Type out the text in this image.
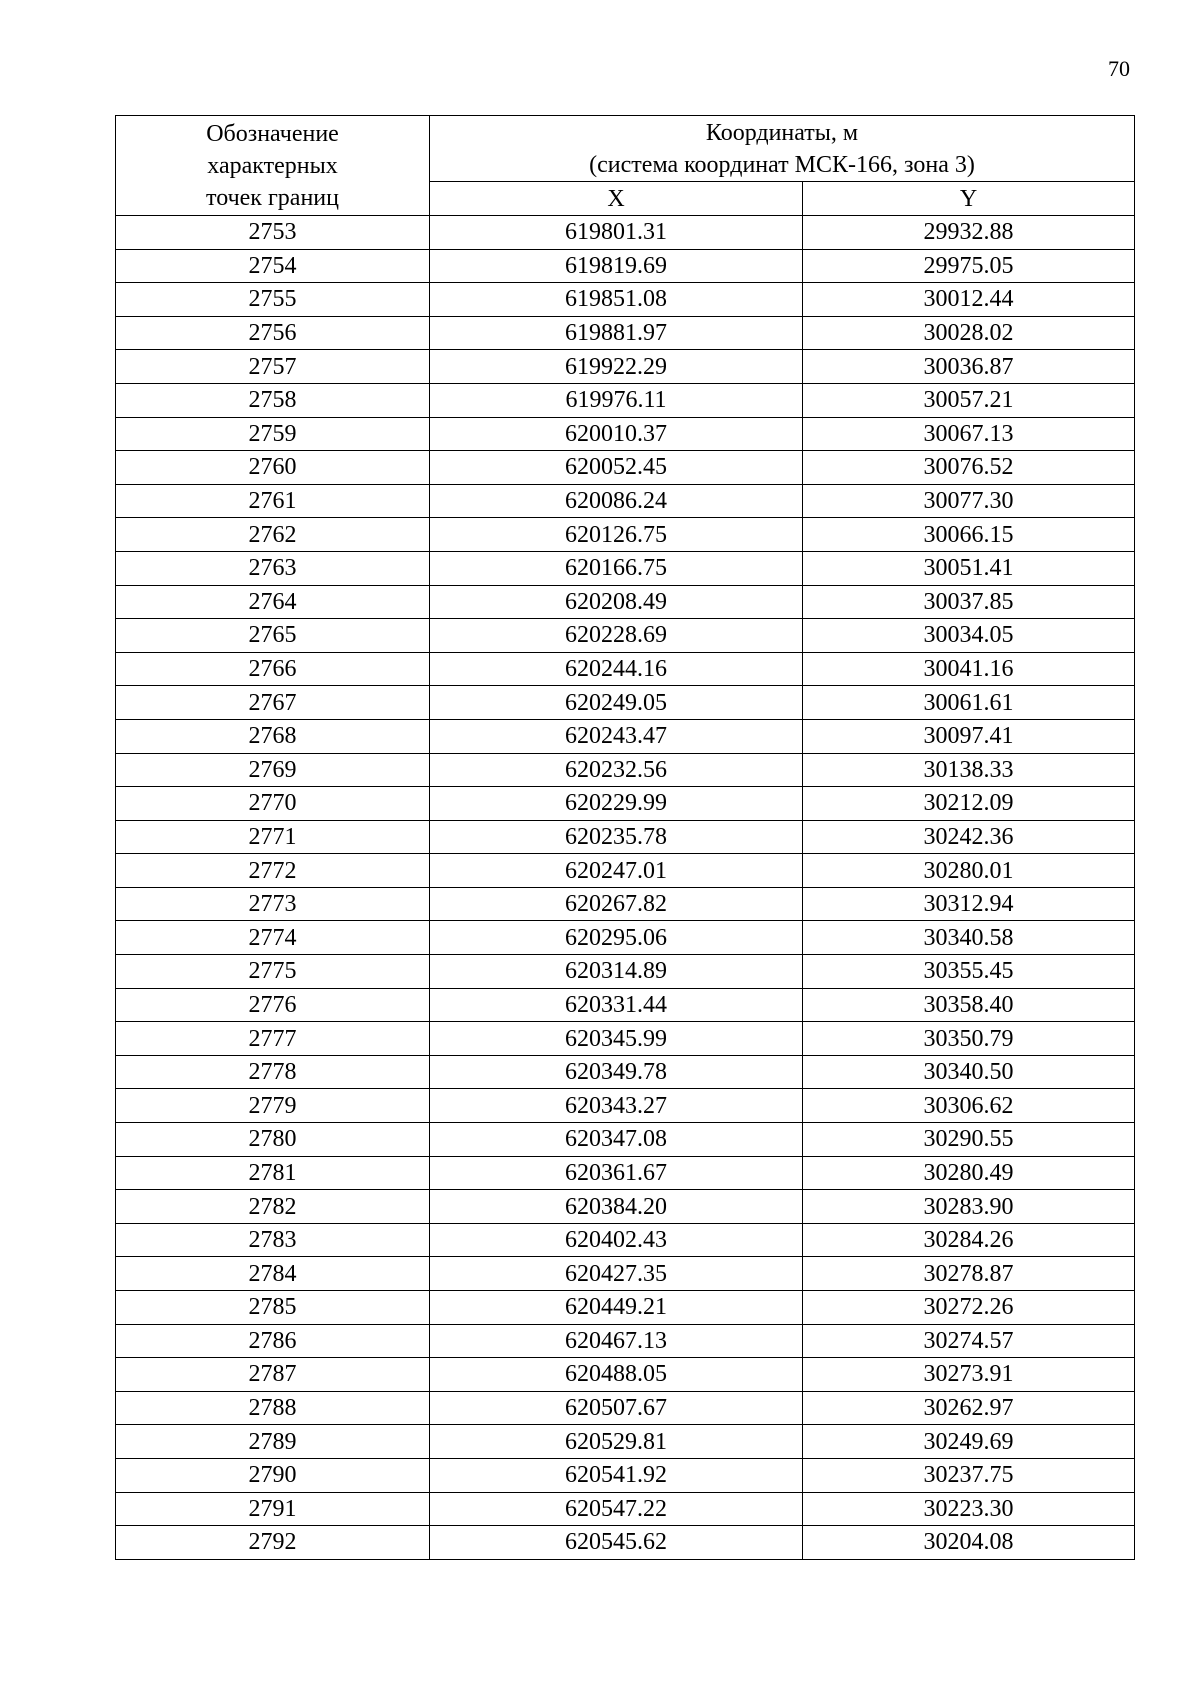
70
Обозначение
характерных
точек границ	Координаты, м
(система координат МСК-166, зона 3)	

	X	Y
2753	619801.31	29932.88
2754	619819.69	29975.05
2755	619851.08	30012.44
2756	619881.97	30028.02
2757	619922.29	30036.87
2758	619976.11	30057.21
2759	620010.37	30067.13
2760	620052.45	30076.52
2761	620086.24	30077.30
2762	620126.75	30066.15
2763	620166.75	30051.41
2764	620208.49	30037.85
2765	620228.69	30034.05
2766	620244.16	30041.16
2767	620249.05	30061.61
2768	620243.47	30097.41
2769	620232.56	30138.33
2770	620229.99	30212.09
2771	620235.78	30242.36
2772	620247.01	30280.01
2773	620267.82	30312.94
2774	620295.06	30340.58
2775	620314.89	30355.45
2776	620331.44	30358.40
2777	620345.99	30350.79
2778	620349.78	30340.50
2779	620343.27	30306.62
2780	620347.08	30290.55
2781	620361.67	30280.49
2782	620384.20	30283.90
2783	620402.43	30284.26
2784	620427.35	30278.87
2785	620449.21	30272.26
2786	620467.13	30274.57
2787	620488.05	30273.91
2788	620507.67	30262.97
2789	620529.81	30249.69
2790	620541.92	30237.75
2791	620547.22	30223.30
2792	620545.62	30204.08
